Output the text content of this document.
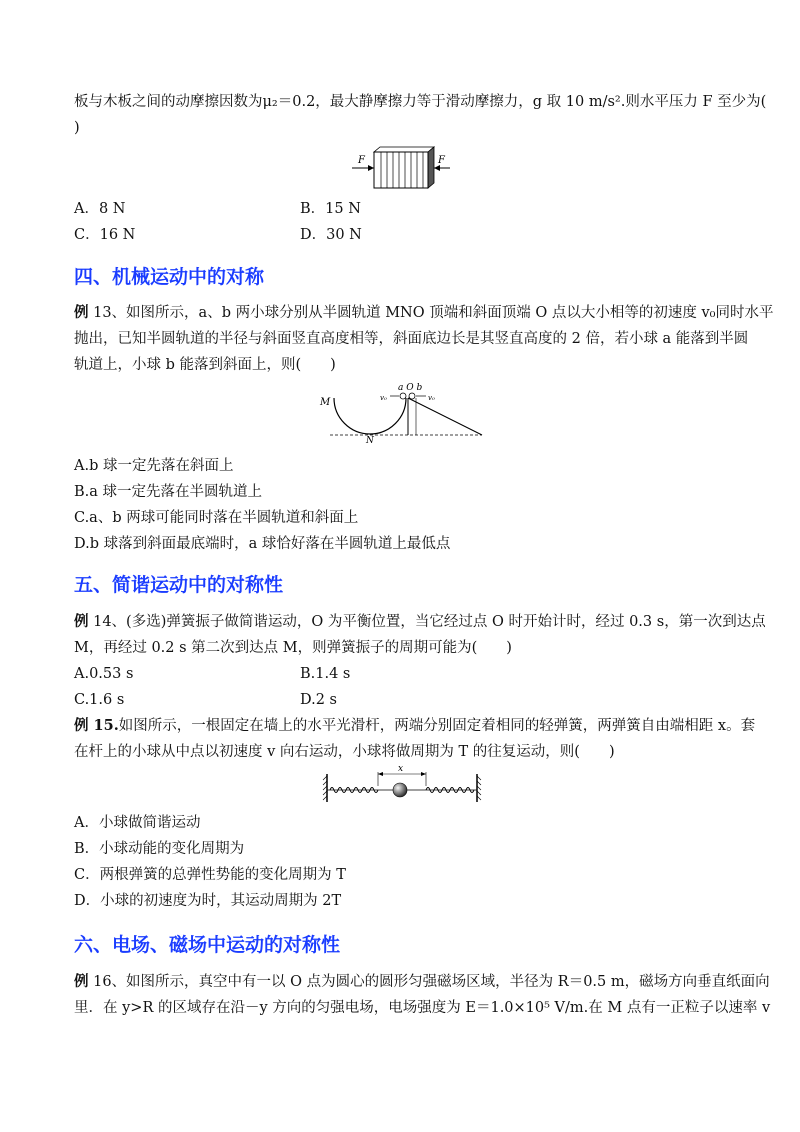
板与木板之间的动摩擦因数为μ₂＝0.2，最大静摩擦力等于滑动摩擦力，g 取 10 m/s².则水平压力 F 至少为(
)
F	F
A．8 N	B．15 N
C．16 N	D．30 N
四、机械运动中的对称
例 13、如图所示，a、b 两小球分别从半圆轨道 MNO 顶端和斜面顶端 O 点以大小相等的初速度 v₀同时水平
抛出，已知半圆轨道的半径与斜面竖直高度相等，斜面底边长是其竖直高度的 2 倍，若小球 a 能落到半圆
轨道上，小球 b 能落到斜面上，则(　　)
M
N
a O b
v₀	v₀
A.b 球一定先落在斜面上
B.a 球一定先落在半圆轨道上
C.a、b 两球可能同时落在半圆轨道和斜面上
D.b 球落到斜面最底端时，a 球恰好落在半圆轨道上最低点
五、简谐运动中的对称性
例 14、(多选)弹簧振子做简谐运动，O 为平衡位置，当它经过点 O 时开始计时，经过 0.3 s，第一次到达点
M，再经过 0.2 s 第二次到达点 M，则弹簧振子的周期可能为(　　)
A.0.53 s	B.1.4 s
C.1.6 s	D.2 s
例 15.如图所示，一根固定在墙上的水平光滑杆，两端分别固定着相同的轻弹簧，两弹簧自由端相距 x。套
在杆上的小球从中点以初速度 v 向右运动，小球将做周期为 T 的往复运动，则(　　)
x
A．小球做简谐运动
B．小球动能的变化周期为
C．两根弹簧的总弹性势能的变化周期为 T
D．小球的初速度为时，其运动周期为 2T
六、电场、磁场中运动的对称性
例 16、如图所示，真空中有一以 O 点为圆心的圆形匀强磁场区域，半径为 R＝0.5 m，磁场方向垂直纸面向
里．在 y>R 的区域存在沿－y 方向的匀强电场，电场强度为 E＝1.0×10⁵ V/m.在 M 点有一正粒子以速率 v
